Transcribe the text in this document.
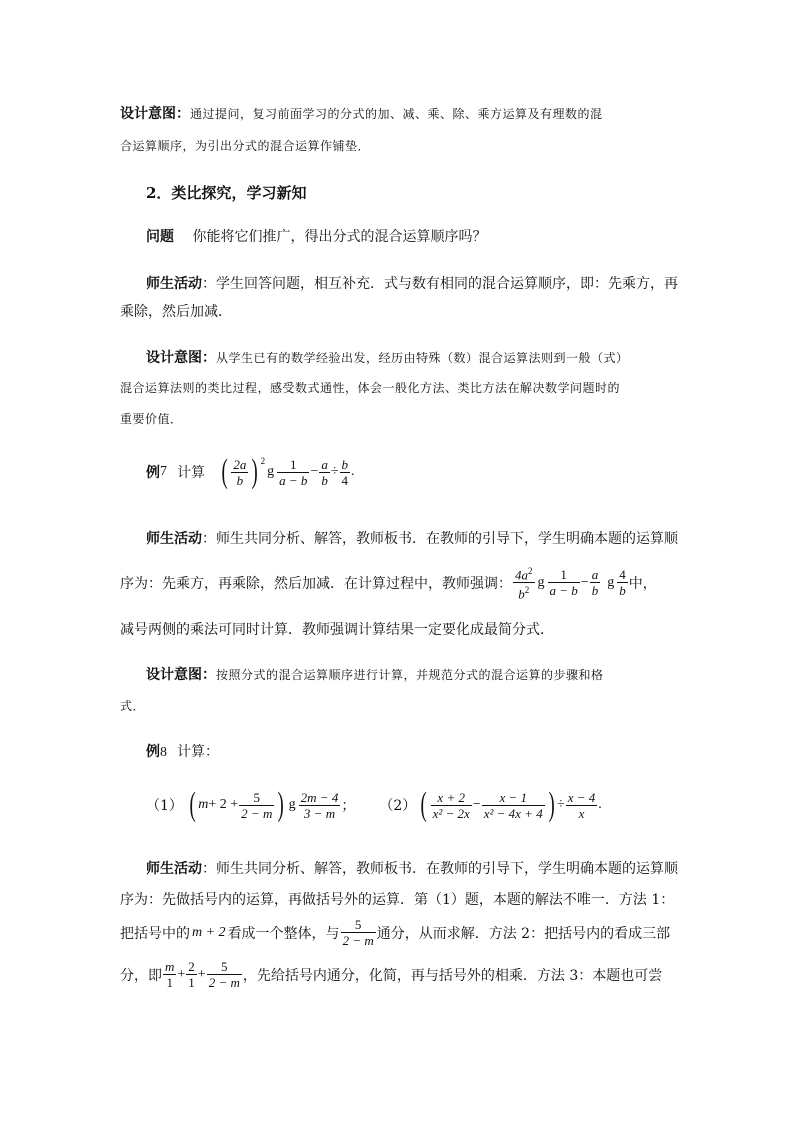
设计意图：通过提问，复习前面学习的分式的加、减、乘、除、乘方运算及有理数的混
合运算顺序，为引出分式的混合运算作铺垫．
2．类比探究，学习新知
问题 你能将它们推广，得出分式的混合运算顺序吗？
师生活动：学生回答问题，相互补充．式与数有相同的混合运算顺序，即：先乘方，再
乘除，然后加减．
设计意图：从学生已有的数学经验出发，经历由特殊（数）混合运算法则到一般（式）
混合运算法则的类比过程，感受数式通性，体会一般化方法、类比方法在解决数学问题时的
重要价值．
例 7 计算 ( 2a
b ) $^2$
g	1
a − b
− $\frac{a}{b} \div \frac{b}{4}$ .
师生活动：师生共同分析、解答，教师板书．在教师的引导下，学生明确本题的运算顺
序为：先乘方，再乘除，然后加减．在计算过程中，教师强调：
$4a^2$
$b^2$
g	1
a − b
− $\frac{a}{b}$ g 4
b 中，
减号两侧的乘法可同时计算．教师强调计算结果一定要化成最简分式．
设计意图：按照分式的混合运算顺序进行计算，并规范分式的混合运算的步骤和格
式．
例8 计算：
（1） ( $m + 2 + \frac{5}{2 - m}$ ) g 2m − 4
3 − m ； （2） ( x + 2
x² − 2x
− $\frac{x - 1}{\text{x² − 4x + 4}}$ ) ÷ $\frac{x - 4}{x}$ .
师生活动：师生共同分析、解答，教师板书．在教师的引导下，学生明确本题的运算顺
序为：先做括号内的运算，再做括号外的运算．第（1）题，本题的解法不唯一．方法 1：
把括号中的 m + 2 看成一个整体，与
5
2 − m 通分，从而求解．方法 2：把括号内的看成三部
分，即
m
1
+ $\frac{2}{1} + \frac{5}{2 - m}$ ，先给括号内通分，化简，再与括号外的相乘．方法 3：本题也可尝
